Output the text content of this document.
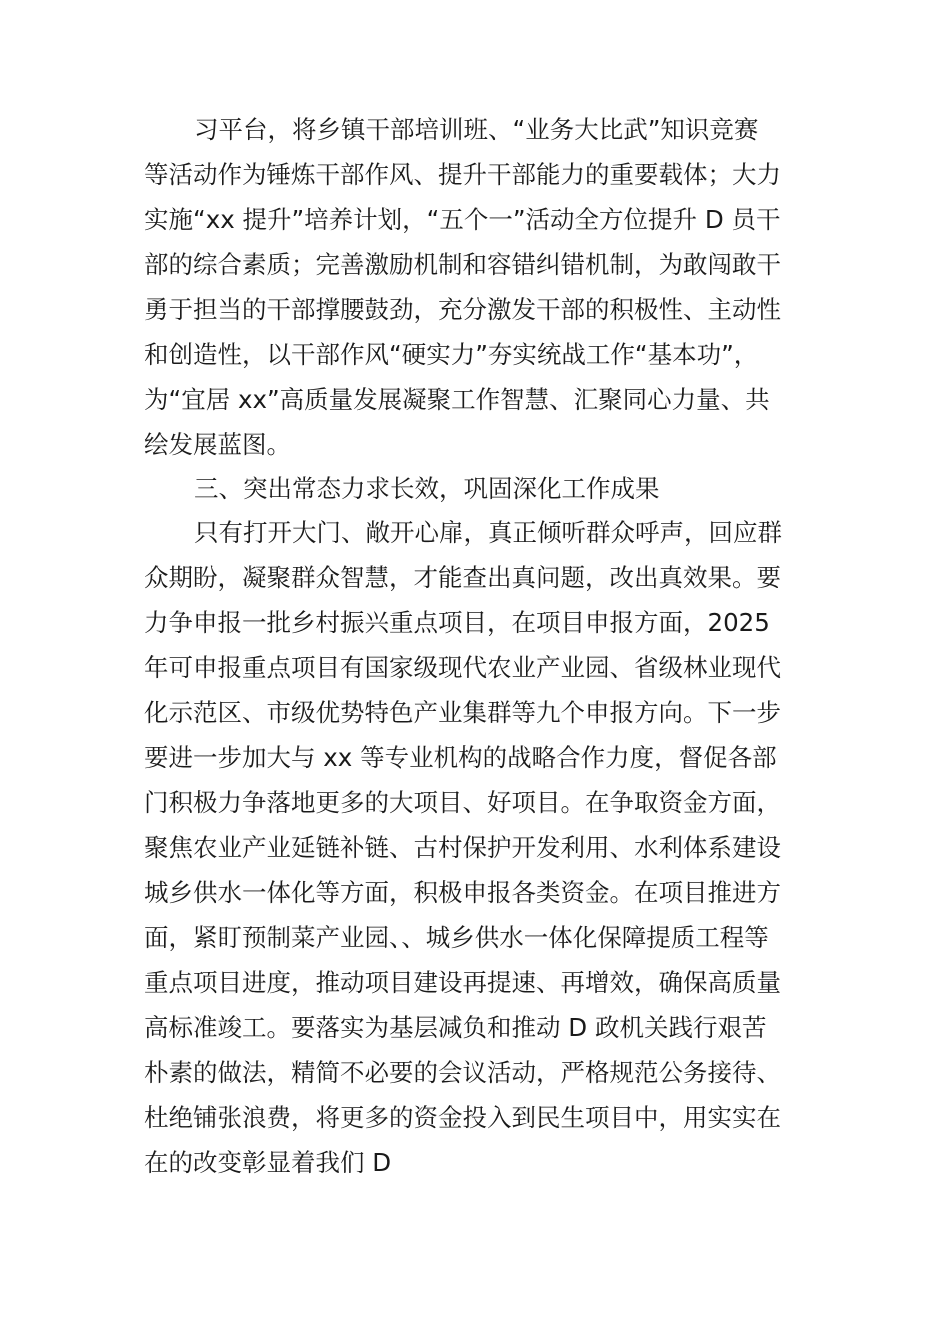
习平台，将乡镇干部培训班、“业务大比武”知识竞赛
等活动作为锤炼干部作风、提升干部能力的重要载体；大力
实施“xx 提升”培养计划，“五个一”活动全方位提升 D 员干
部的综合素质；完善激励机制和容错纠错机制，为敢闯敢干
勇于担当的干部撑腰鼓劲，充分激发干部的积极性、主动性
和创造性，以干部作风“硬实力”夯实统战工作“基本功”，
为“宜居 xx”高质量发展凝聚工作智慧、汇聚同心力量、共
绘发展蓝图。
三、突出常态力求长效，巩固深化工作成果
只有打开大门、敞开心扉，真正倾听群众呼声，回应群
众期盼，凝聚群众智慧，才能查出真问题，改出真效果。要
力争申报一批乡村振兴重点项目，在项目申报方面，2025
年可申报重点项目有国家级现代农业产业园、省级林业现代
化示范区、市级优势特色产业集群等九个申报方向。下一步
要进一步加大与 xx 等专业机构的战略合作力度，督促各部
门积极力争落地更多的大项目、好项目。在争取资金方面，
聚焦农业产业延链补链、古村保护开发利用、水利体系建设
城乡供水一体化等方面，积极申报各类资金。在项目推进方
面，紧盯预制菜产业园、、城乡供水一体化保障提质工程等
重点项目进度，推动项目建设再提速、再增效，确保高质量
高标准竣工。要落实为基层减负和推动 D 政机关践行艰苦
朴素的做法，精简不必要的会议活动，严格规范公务接待、
杜绝铺张浪费，将更多的资金投入到民生项目中，用实实在
在的改变彰显着我们 D
